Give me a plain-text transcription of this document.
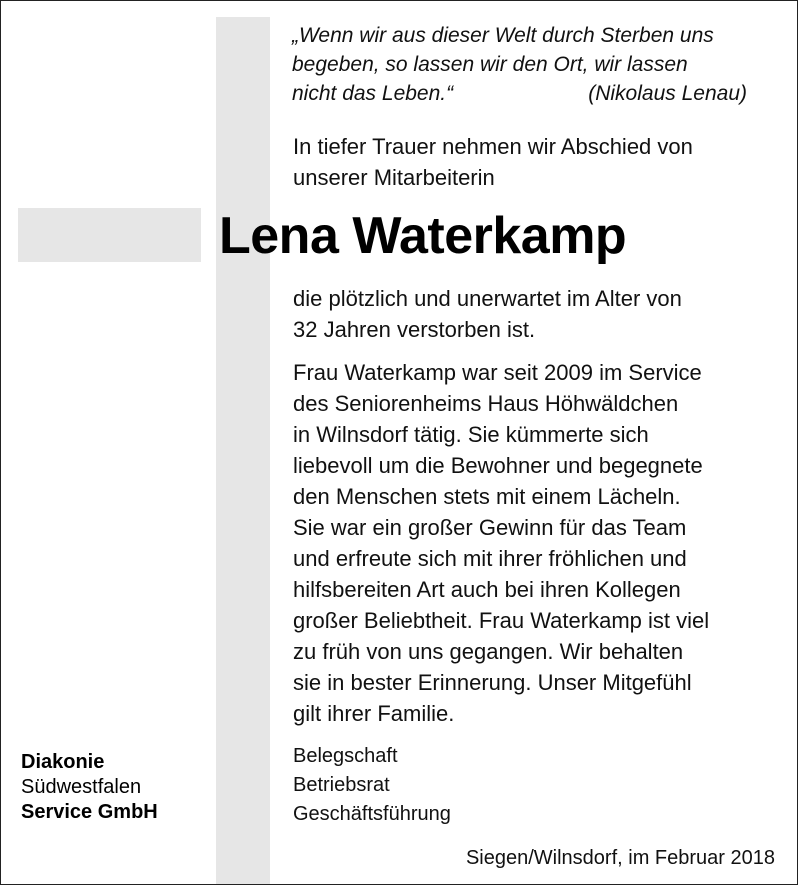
„Wenn wir aus dieser Welt durch Sterben uns
begeben, so lassen wir den Ort, wir lassen
nicht das Leben.“	(Nikolaus Lenau)
In tiefer Trauer nehmen wir Abschied von
unserer Mitarbeiterin
Lena Waterkamp

die plötzlich und unerwartet im Alter von
32 Jahren verstorben ist.

Frau Waterkamp war seit 2009 im Service
des Seniorenheims Haus Höhwäldchen
in Wilnsdorf tätig. Sie kümmerte sich
liebevoll um die Bewohner und begegnete
den Menschen stets mit einem Lächeln.
Sie war ein großer Gewinn für das Team
und erfreute sich mit ihrer fröhlichen und
hilfsbereiten Art auch bei ihren Kollegen
großer Beliebtheit. Frau Waterkamp ist viel
zu früh von uns gegangen. Wir behalten
sie in bester Erinnerung. Unser Mitgefühl
gilt ihrer Familie.

Belegschaft
Betriebsrat
Geschäftsführung
Diakonie
Südwestfalen
Service GmbH
Siegen/Wilnsdorf, im Februar 2018
